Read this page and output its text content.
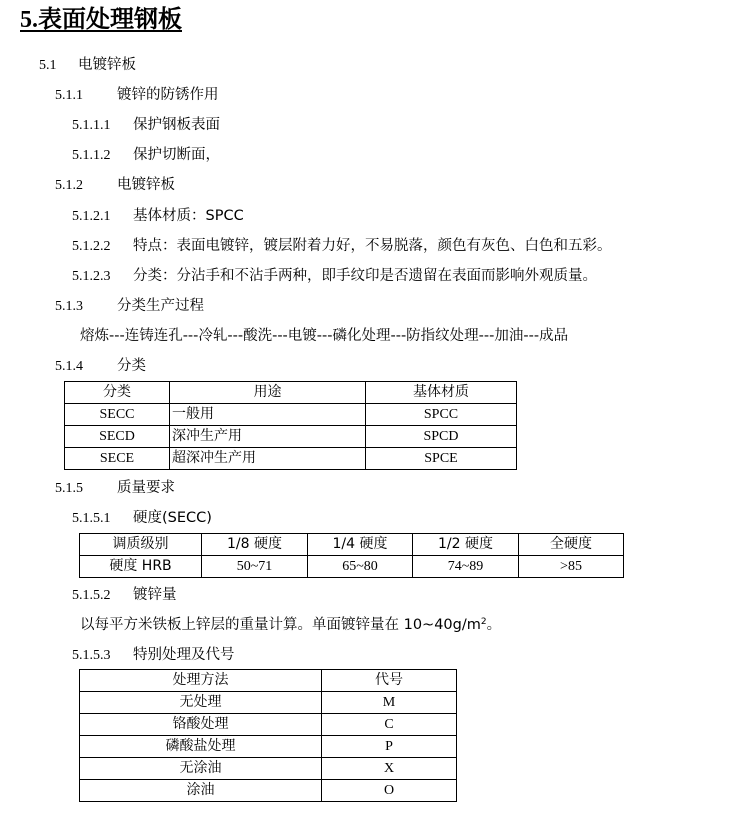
5.表面处理钢板
5.1 电镀锌板
5.1.1 镀锌的防锈作用
5.1.1.1 保护钢板表面
5.1.1.2 保护切断面，
5.1.2 电镀锌板
5.1.2.1 基体材质：SPCC
5.1.2.2 特点：表面电镀锌，镀层附着力好，不易脱落，颜色有灰色、白色和五彩。
5.1.2.3 分类：分沾手和不沾手两种，即手纹印是否遗留在表面而影响外观质量。
5.1.3 分类生产过程
熔炼---连铸连孔---冷轧---酸洗---电镀---磷化处理---防指纹处理---加油---成品
5.1.4 分类
分类	用途	基体材质
SECC	一般用	SPCC
SECD	深冲生产用	SPCD
SECE	超深冲生产用	SPCE
5.1.5 质量要求
5.1.5.1 硬度(SECC)
调质级别	1/8 硬度	1/4 硬度	1/2 硬度	全硬度
硬度 HRB	50~71	65~80	74~89	>85
5.1.5.2 镀锌量
以每平方米铁板上锌层的重量计算。单面镀锌量在 $10\sim 40g/m^2$。
5.1.5.3 特别处理及代号
处理方法	代号
无处理	M
铬酸处理	C
磷酸盐处理	P
无涂油	X
涂油	O
